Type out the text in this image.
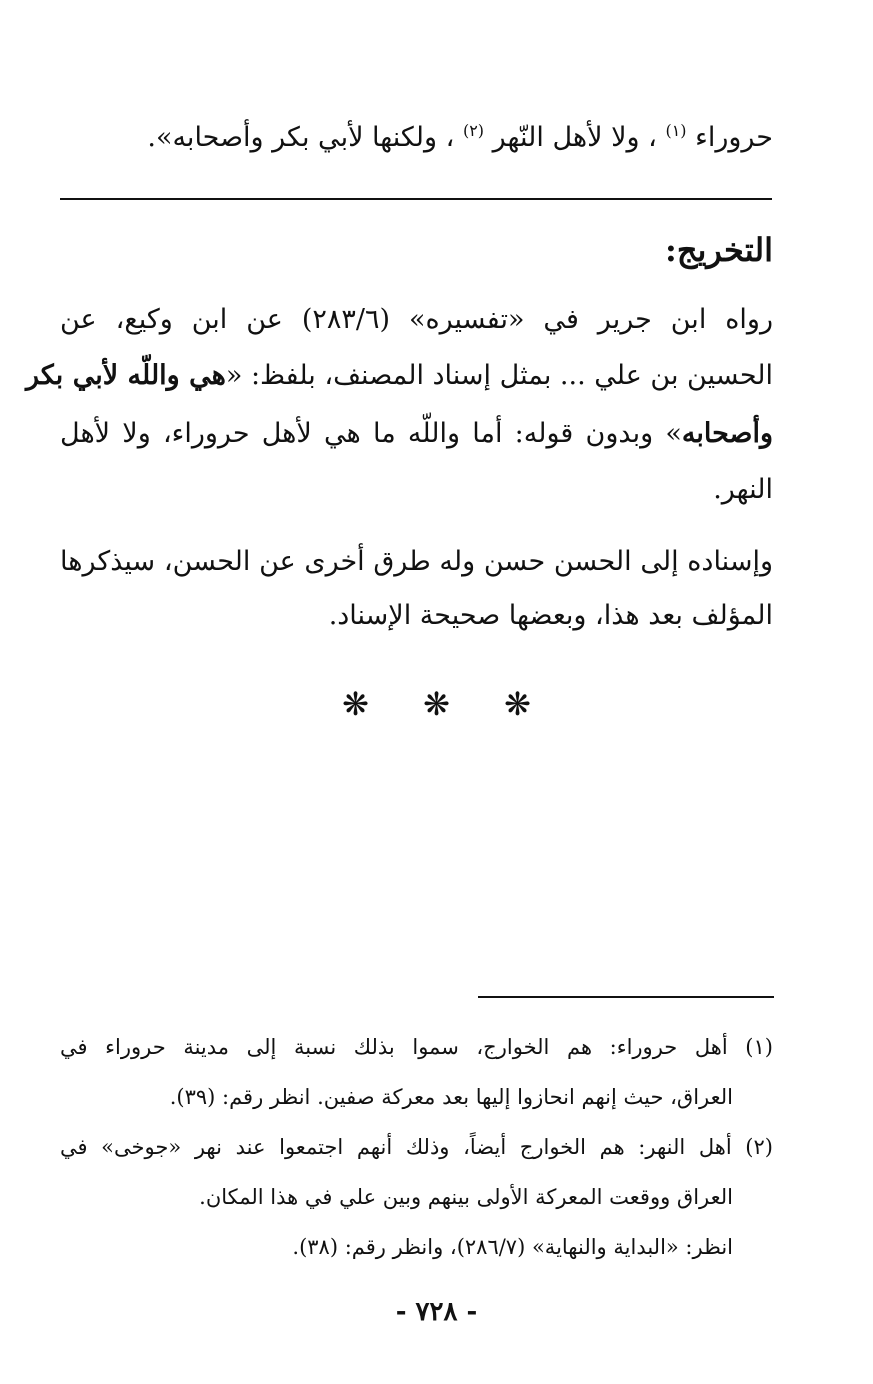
حروراء $^{(١)}$ ، ولا لأهل النّهر $^{(٢)}$ ، ولكنها لأبي بكر وأصحابه».
التخريج:
رواه ابن جرير في «تفسيره» (٢٨٣/٦) عن ابن وكيع، عن
الحسين بن علي ... بمثل إسناد المصنف، بلفظ: «هي واللّه لأبي بكر
وأصحابه» وبدون قوله: أما واللّه ما هي لأهل حروراء، ولا لأهل
النهر.
وإسناده إلى الحسن حسن وله طرق أخرى عن الحسن، سيذكرها
المؤلف بعد هذا، وبعضها صحيحة الإسناد.
❋ ❋ ❋
(١) أهل حروراء: هم الخوارج، سموا بذلك نسبة إلى مدينة حروراء في
العراق، حيث إنهم انحازوا إليها بعد معركة صفين. انظر رقم: (٣٩).
(٢) أهل النهر: هم الخوارج أيضاً، وذلك أنهم اجتمعوا عند نهر «جوخى» في
العراق ووقعت المعركة الأولى بينهم وبين علي في هذا المكان.
انظر: «البداية والنهاية» (٢٨٦/٧)، وانظر رقم: (٣٨).
- ٧٢٨ -
